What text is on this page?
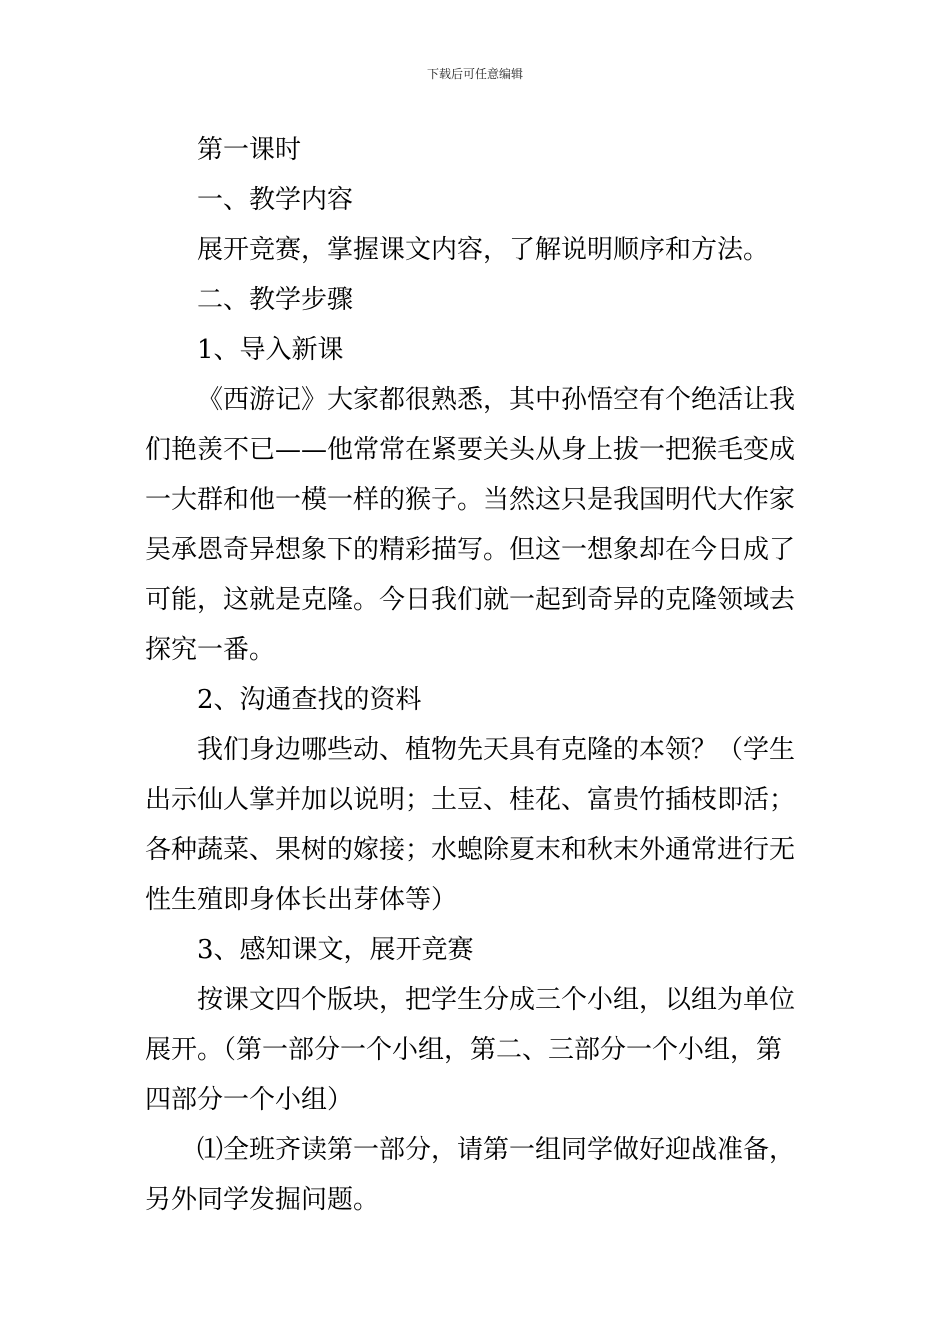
下载后可任意编辑
第一课时
一、教学内容
展开竞赛，掌握课文内容，了解说明顺序和方法。
二、教学步骤
1、导入新课
《西游记》大家都很熟悉，其中孙悟空有个绝活让我
们艳羡不已——他常常在紧要关头从身上拔一把猴毛变成
一大群和他一模一样的猴子。当然这只是我国明代大作家
吴承恩奇异想象下的精彩描写。但这一想象却在今日成了
可能，这就是克隆。今日我们就一起到奇异的克隆领域去
探究一番。
2、沟通查找的资料
我们身边哪些动、植物先天具有克隆的本领？（学生
出示仙人掌并加以说明；土豆、桂花、富贵竹插枝即活；
各种蔬菜、果树的嫁接；水螅除夏末和秋末外通常进行无
性生殖即身体长出芽体等）
3、感知课文，展开竞赛
按课文四个版块，把学生分成三个小组，以组为单位
展开。（第一部分一个小组，第二、三部分一个小组，第
四部分一个小组）
⑴全班齐读第一部分，请第一组同学做好迎战准备，
另外同学发掘问题。
